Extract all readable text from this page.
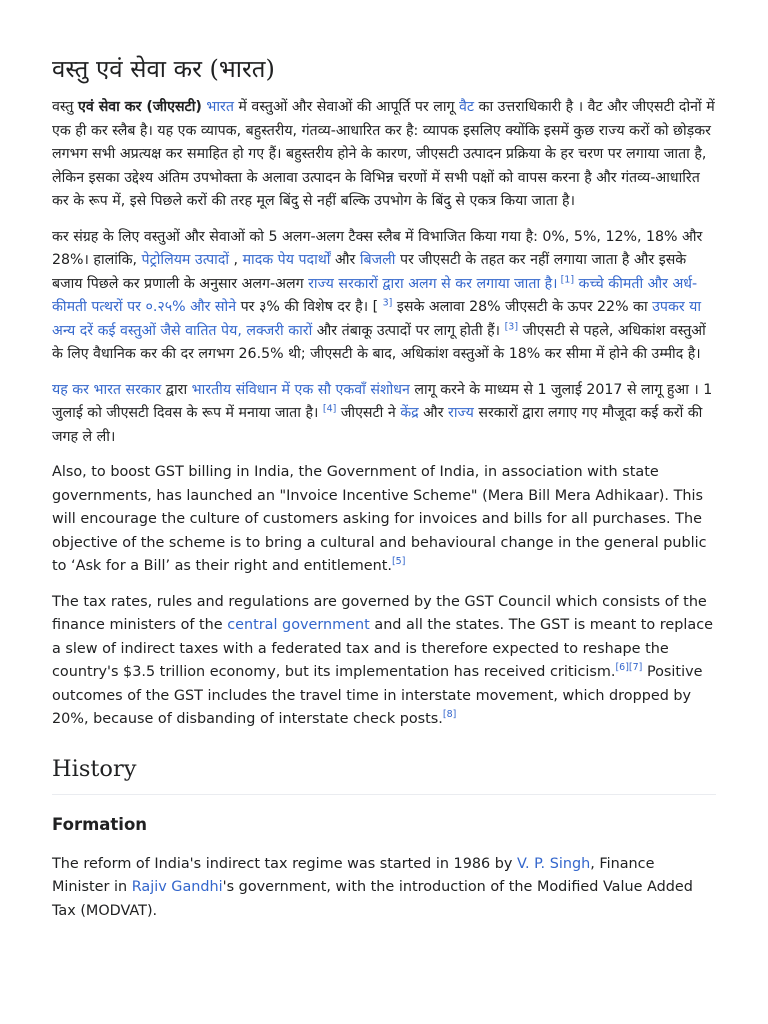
वस्तु एवं सेवा कर (भारत)

वस्तु एवं सेवा कर (जीएसटी) भारत में वस्तुओं और सेवाओं की आपूर्ति पर लागू वैट का उत्तराधिकारी है । वैट और जीएसटी दोनों में एक ही कर स्लैब है। यह एक व्यापक, बहुस्तरीय, गंतव्य-आधारित कर है: व्यापक इसलिए क्योंकि इसमें कुछ राज्य करों को छोड़कर लगभग सभी अप्रत्यक्ष कर समाहित हो गए हैं। बहुस्तरीय होने के कारण, जीएसटी उत्पादन प्रक्रिया के हर चरण पर लगाया जाता है, लेकिन इसका उद्देश्य अंतिम उपभोक्ता के अलावा उत्पादन के विभिन्न चरणों में सभी पक्षों को वापस करना है और गंतव्य-आधारित कर के रूप में, इसे पिछले करों की तरह मूल बिंदु से नहीं बल्कि उपभोग के बिंदु से एकत्र किया जाता है।

कर संग्रह के लिए वस्तुओं और सेवाओं को 5 अलग-अलग टैक्स स्लैब में विभाजित किया गया है: 0%, 5%, 12%, 18% और 28%। हालांकि, पेट्रोलियम उत्पादों , मादक पेय पदार्थों और बिजली पर जीएसटी के तहत कर नहीं लगाया जाता है और इसके बजाय पिछले कर प्रणाली के अनुसार अलग-अलग राज्य सरकारों द्वारा अलग से कर लगाया जाता है। [1] कच्चे कीमती और अर्ध-कीमती पत्थरों पर ०.२५% और सोने पर ३% की विशेष दर है। [ $^{3]}$ इसके अलावा 28% जीएसटी के ऊपर 22% का उपकर या अन्य दरें कई वस्तुओं जैसे वातित पेय, लक्जरी कारों और तंबाकू उत्पादों पर लागू होती हैं। [3] जीएसटी से पहले, अधिकांश वस्तुओं के लिए वैधानिक कर की दर लगभग 26.5% थी; जीएसटी के बाद, अधिकांश वस्तुओं के 18% कर सीमा में होने की उम्मीद है।

यह कर भारत सरकार द्वारा भारतीय संविधान में एक सौ एकवाँ संशोधन लागू करने के माध्यम से 1 जुलाई 2017 से लागू हुआ । 1 जुलाई को जीएसटी दिवस के रूप में मनाया जाता है। [4] जीएसटी ने केंद्र और राज्य सरकारों द्वारा लगाए गए मौजूदा कई करों की जगह ले ली।

Also, to boost GST billing in India, the Government of India, in association with state governments, has launched an "Invoice Incentive Scheme" (Mera Bill Mera Adhikaar). This will encourage the culture of customers asking for invoices and bills for all purchases. The objective of the scheme is to bring a cultural and behavioural change in the general public to ‘Ask for a Bill’ as their right and entitlement.[5]

The tax rates, rules and regulations are governed by the GST Council which consists of the finance ministers of the central government and all the states. The GST is meant to replace a slew of indirect taxes with a federated tax and is therefore expected to reshape the country's $3.5 trillion economy, but its implementation has received criticism.[6][7] Positive outcomes of the GST includes the travel time in interstate movement, which dropped by 20%, because of disbanding of interstate check posts.[8]

History
Formation

The reform of India's indirect tax regime was started in 1986 by V. P. Singh, Finance Minister in Rajiv Gandhi's government, with the introduction of the Modified Value Added Tax (MODVAT).
